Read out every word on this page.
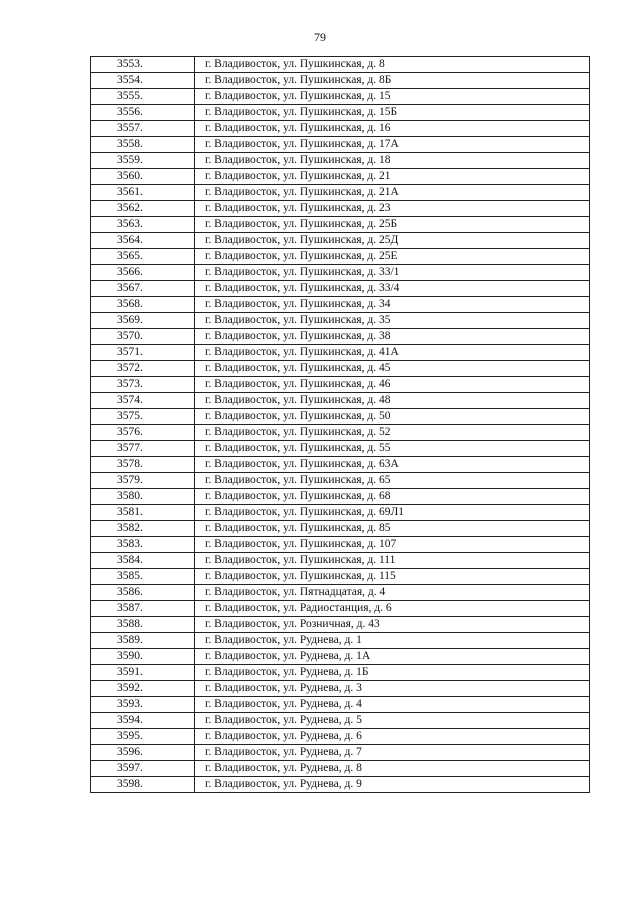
79
3553.	г. Владивосток, ул. Пушкинская, д. 8
3554.	г. Владивосток, ул. Пушкинская, д. 8Б
3555.	г. Владивосток, ул. Пушкинская, д. 15
3556.	г. Владивосток, ул. Пушкинская, д. 15Б
3557.	г. Владивосток, ул. Пушкинская, д. 16
3558.	г. Владивосток, ул. Пушкинская, д. 17А
3559.	г. Владивосток, ул. Пушкинская, д. 18
3560.	г. Владивосток, ул. Пушкинская, д. 21
3561.	г. Владивосток, ул. Пушкинская, д. 21А
3562.	г. Владивосток, ул. Пушкинская, д. 23
3563.	г. Владивосток, ул. Пушкинская, д. 25Б
3564.	г. Владивосток, ул. Пушкинская, д. 25Д
3565.	г. Владивосток, ул. Пушкинская, д. 25Е
3566.	г. Владивосток, ул. Пушкинская, д. 33/1
3567.	г. Владивосток, ул. Пушкинская, д. 33/4
3568.	г. Владивосток, ул. Пушкинская, д. 34
3569.	г. Владивосток, ул. Пушкинская, д. 35
3570.	г. Владивосток, ул. Пушкинская, д. 38
3571.	г. Владивосток, ул. Пушкинская, д. 41А
3572.	г. Владивосток, ул. Пушкинская, д. 45
3573.	г. Владивосток, ул. Пушкинская, д. 46
3574.	г. Владивосток, ул. Пушкинская, д. 48
3575.	г. Владивосток, ул. Пушкинская, д. 50
3576.	г. Владивосток, ул. Пушкинская, д. 52
3577.	г. Владивосток, ул. Пушкинская, д. 55
3578.	г. Владивосток, ул. Пушкинская, д. 63А
3579.	г. Владивосток, ул. Пушкинская, д. 65
3580.	г. Владивосток, ул. Пушкинская, д. 68
3581.	г. Владивосток, ул. Пушкинская, д. 69Л1
3582.	г. Владивосток, ул. Пушкинская, д. 85
3583.	г. Владивосток, ул. Пушкинская, д. 107
3584.	г. Владивосток, ул. Пушкинская, д. 111
3585.	г. Владивосток, ул. Пушкинская, д. 115
3586.	г. Владивосток, ул. Пятнадцатая, д. 4
3587.	г. Владивосток, ул. Радиостанция, д. 6
3588.	г. Владивосток, ул. Розничная, д. 43
3589.	г. Владивосток, ул. Руднева, д. 1
3590.	г. Владивосток, ул. Руднева, д. 1А
3591.	г. Владивосток, ул. Руднева, д. 1Б
3592.	г. Владивосток, ул. Руднева, д. 3
3593.	г. Владивосток, ул. Руднева, д. 4
3594.	г. Владивосток, ул. Руднева, д. 5
3595.	г. Владивосток, ул. Руднева, д. 6
3596.	г. Владивосток, ул. Руднева, д. 7
3597.	г. Владивосток, ул. Руднева, д. 8
3598.	г. Владивосток, ул. Руднева, д. 9
